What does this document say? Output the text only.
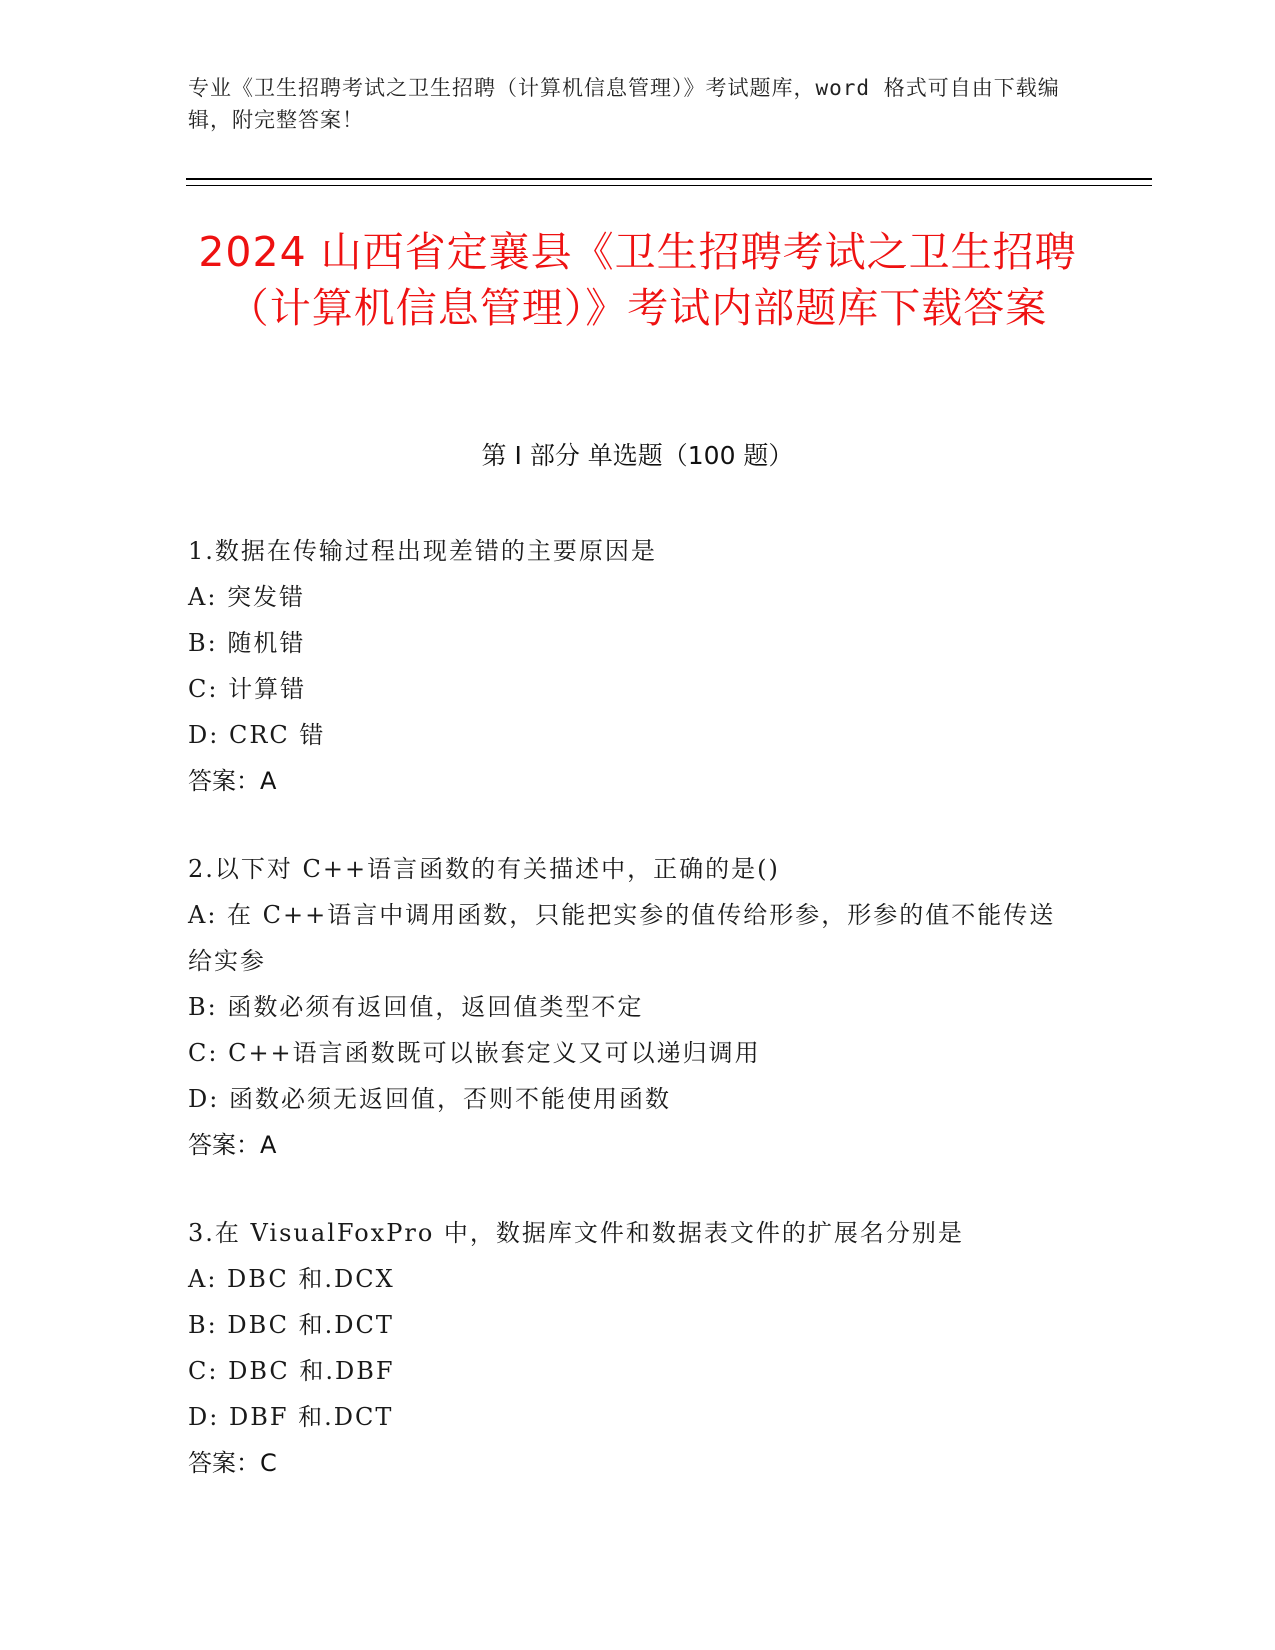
专业《卫生招聘考试之卫生招聘（计算机信息管理）》考试题库，word 格式可自由下载编辑，附完整答案！
2024 山西省定襄县《卫生招聘考试之卫生招聘（计算机信息管理）》考试内部题库下载答案
第 I 部分 单选题（100 题）
1.数据在传输过程出现差错的主要原因是
A: 突发错
B: 随机错
C: 计算错
D: CRC 错
答案：A
2.以下对 C++语言函数的有关描述中，正确的是()
A: 在 C++语言中调用函数，只能把实参的值传给形参，形参的值不能传送给实参
B: 函数必须有返回值，返回值类型不定
C: C++语言函数既可以嵌套定义又可以递归调用
D: 函数必须无返回值，否则不能使用函数
答案：A
3.在 VisualFoxPro 中，数据库文件和数据表文件的扩展名分别是
A: DBC 和.DCX
B: DBC 和.DCT
C: DBC 和.DBF
D: DBF 和.DCT
答案：C
